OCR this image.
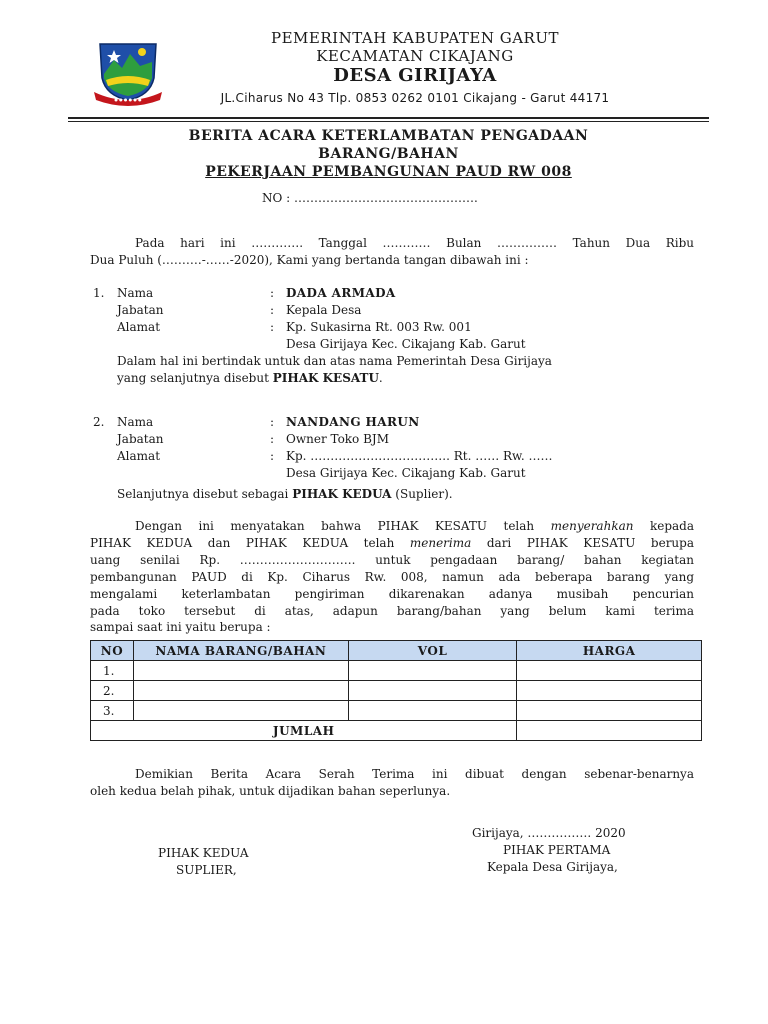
● ● ● ● ● ●
PEMERINTAH KABUPATEN GARUT
KECAMATAN CIKAJANG
DESA GIRIJAYA
JL.Ciharus No 43 Tlp. 0853 0262 0101 Cikajang - Garut 44171
BERITA ACARA KETERLAMBATAN PENGADAAN
BARANG/BAHAN
PEKERJAAN PEMBANGUNAN PAUD RW 008
NO : ……………………………………….
Pada hari ini …………. Tanggal ………… Bulan …………… Tahun Dua Ribu
Dua Puluh (……….-……-2020), Kami yang bertanda tangan dibawah ini :
1. Nama	: DADA ARMADA
Jabatan	: Kepala Desa
Alamat	: Kp. Sukasirna Rt. 003 Rw. 001
Desa Girijaya Kec. Cikajang Kab. Garut
Dalam hal ini bertindak untuk dan atas nama Pemerintah Desa Girijaya
yang selanjutnya disebut PIHAK KESATU.
2. Nama	: NANDANG HARUN
Jabatan	: Owner Toko BJM
Alamat	: Kp. …………………………….. Rt. …… Rw. ……
Desa Girijaya Kec. Cikajang Kab. Garut
Selanjutnya disebut sebagai PIHAK KEDUA (Suplier).
Dengan ini menyatakan bahwa PIHAK KESATU telah menyerahkan kepada
PIHAK KEDUA dan PIHAK KEDUA telah menerima dari PIHAK KESATU berupa
uang senilai Rp. ……………………….. untuk pengadaan barang/ bahan kegiatan
pembangunan PAUD di Kp. Ciharus Rw. 008, namun ada beberapa barang yang
mengalami keterlambatan pengiriman dikarenakan adanya musibah pencurian
pada toko tersebut di atas, adapun barang/bahan yang belum kami terima
sampai saat ini yaitu berupa :
NO	NAMA BARANG/BAHAN	VOL	HARGA
1.			
2.			
3.			
JUMLAH			
Demikian Berita Acara Serah Terima ini dibuat dengan sebenar-benarnya
oleh kedua belah pihak, untuk dijadikan bahan seperlunya.
Girijaya, ……………. 2020
PIHAK KEDUA
SUPLIER,
PIHAK PERTAMA
Kepala Desa Girijaya,
